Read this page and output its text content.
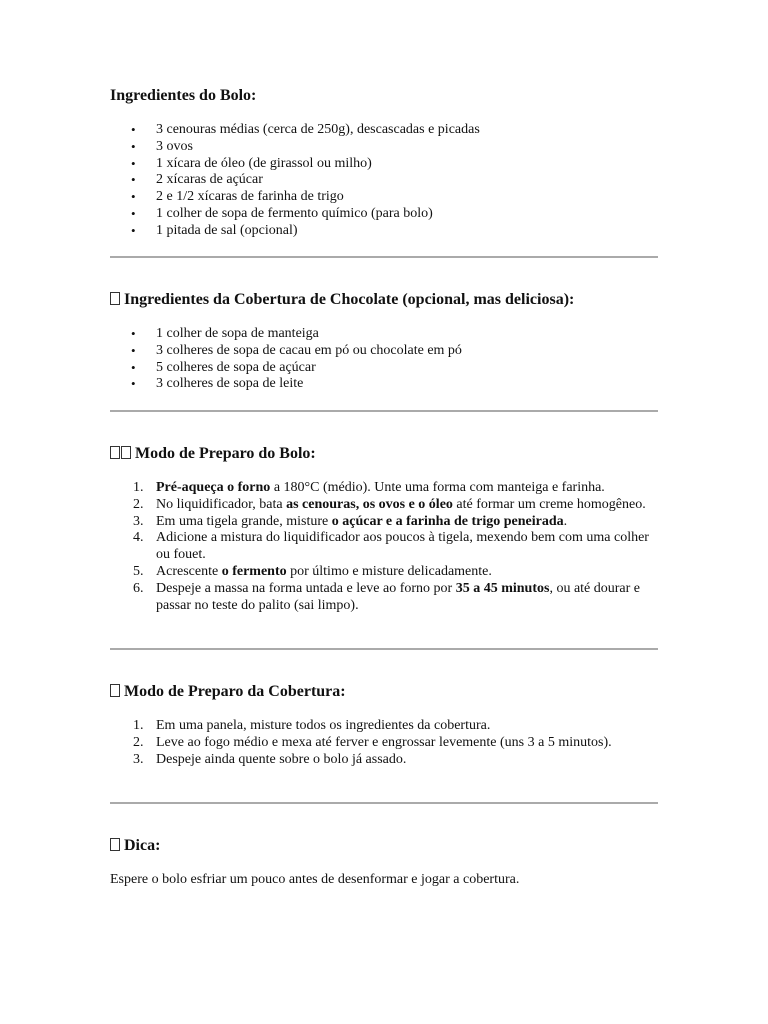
Ingredientes do Bolo:
• 3 cenouras médias (cerca de 250g), descascadas e picadas
• 3 ovos
• 1 xícara de óleo (de girassol ou milho)
• 2 xícaras de açúcar
• 2 e 1/2 xícaras de farinha de trigo
• 1 colher de sopa de fermento químico (para bolo)
• 1 pitada de sal (opcional)
Ingredientes da Cobertura de Chocolate (opcional, mas deliciosa):
• 1 colher de sopa de manteiga
• 3 colheres de sopa de cacau em pó ou chocolate em pó
• 5 colheres de sopa de açúcar
• 3 colheres de sopa de leite
Modo de Preparo do Bolo:
1. Pré-aqueça o forno a 180°C (médio). Unte uma forma com manteiga e farinha.
2. No liquidificador, bata as cenouras, os ovos e o óleo até formar um creme homogêneo.
3. Em uma tigela grande, misture o açúcar e a farinha de trigo peneirada.
4. Adicione a mistura do liquidificador aos poucos à tigela, mexendo bem com uma colher ou fouet.
5. Acrescente o fermento por último e misture delicadamente.
6. Despeje a massa na forma untada e leve ao forno por 35 a 45 minutos, ou até dourar e passar no teste do palito (sai limpo).
Modo de Preparo da Cobertura:
1. Em uma panela, misture todos os ingredientes da cobertura.
2. Leve ao fogo médio e mexa até ferver e engrossar levemente (uns 3 a 5 minutos).
3. Despeje ainda quente sobre o bolo já assado.
Dica:

Espere o bolo esfriar um pouco antes de desenformar e jogar a cobertura.
